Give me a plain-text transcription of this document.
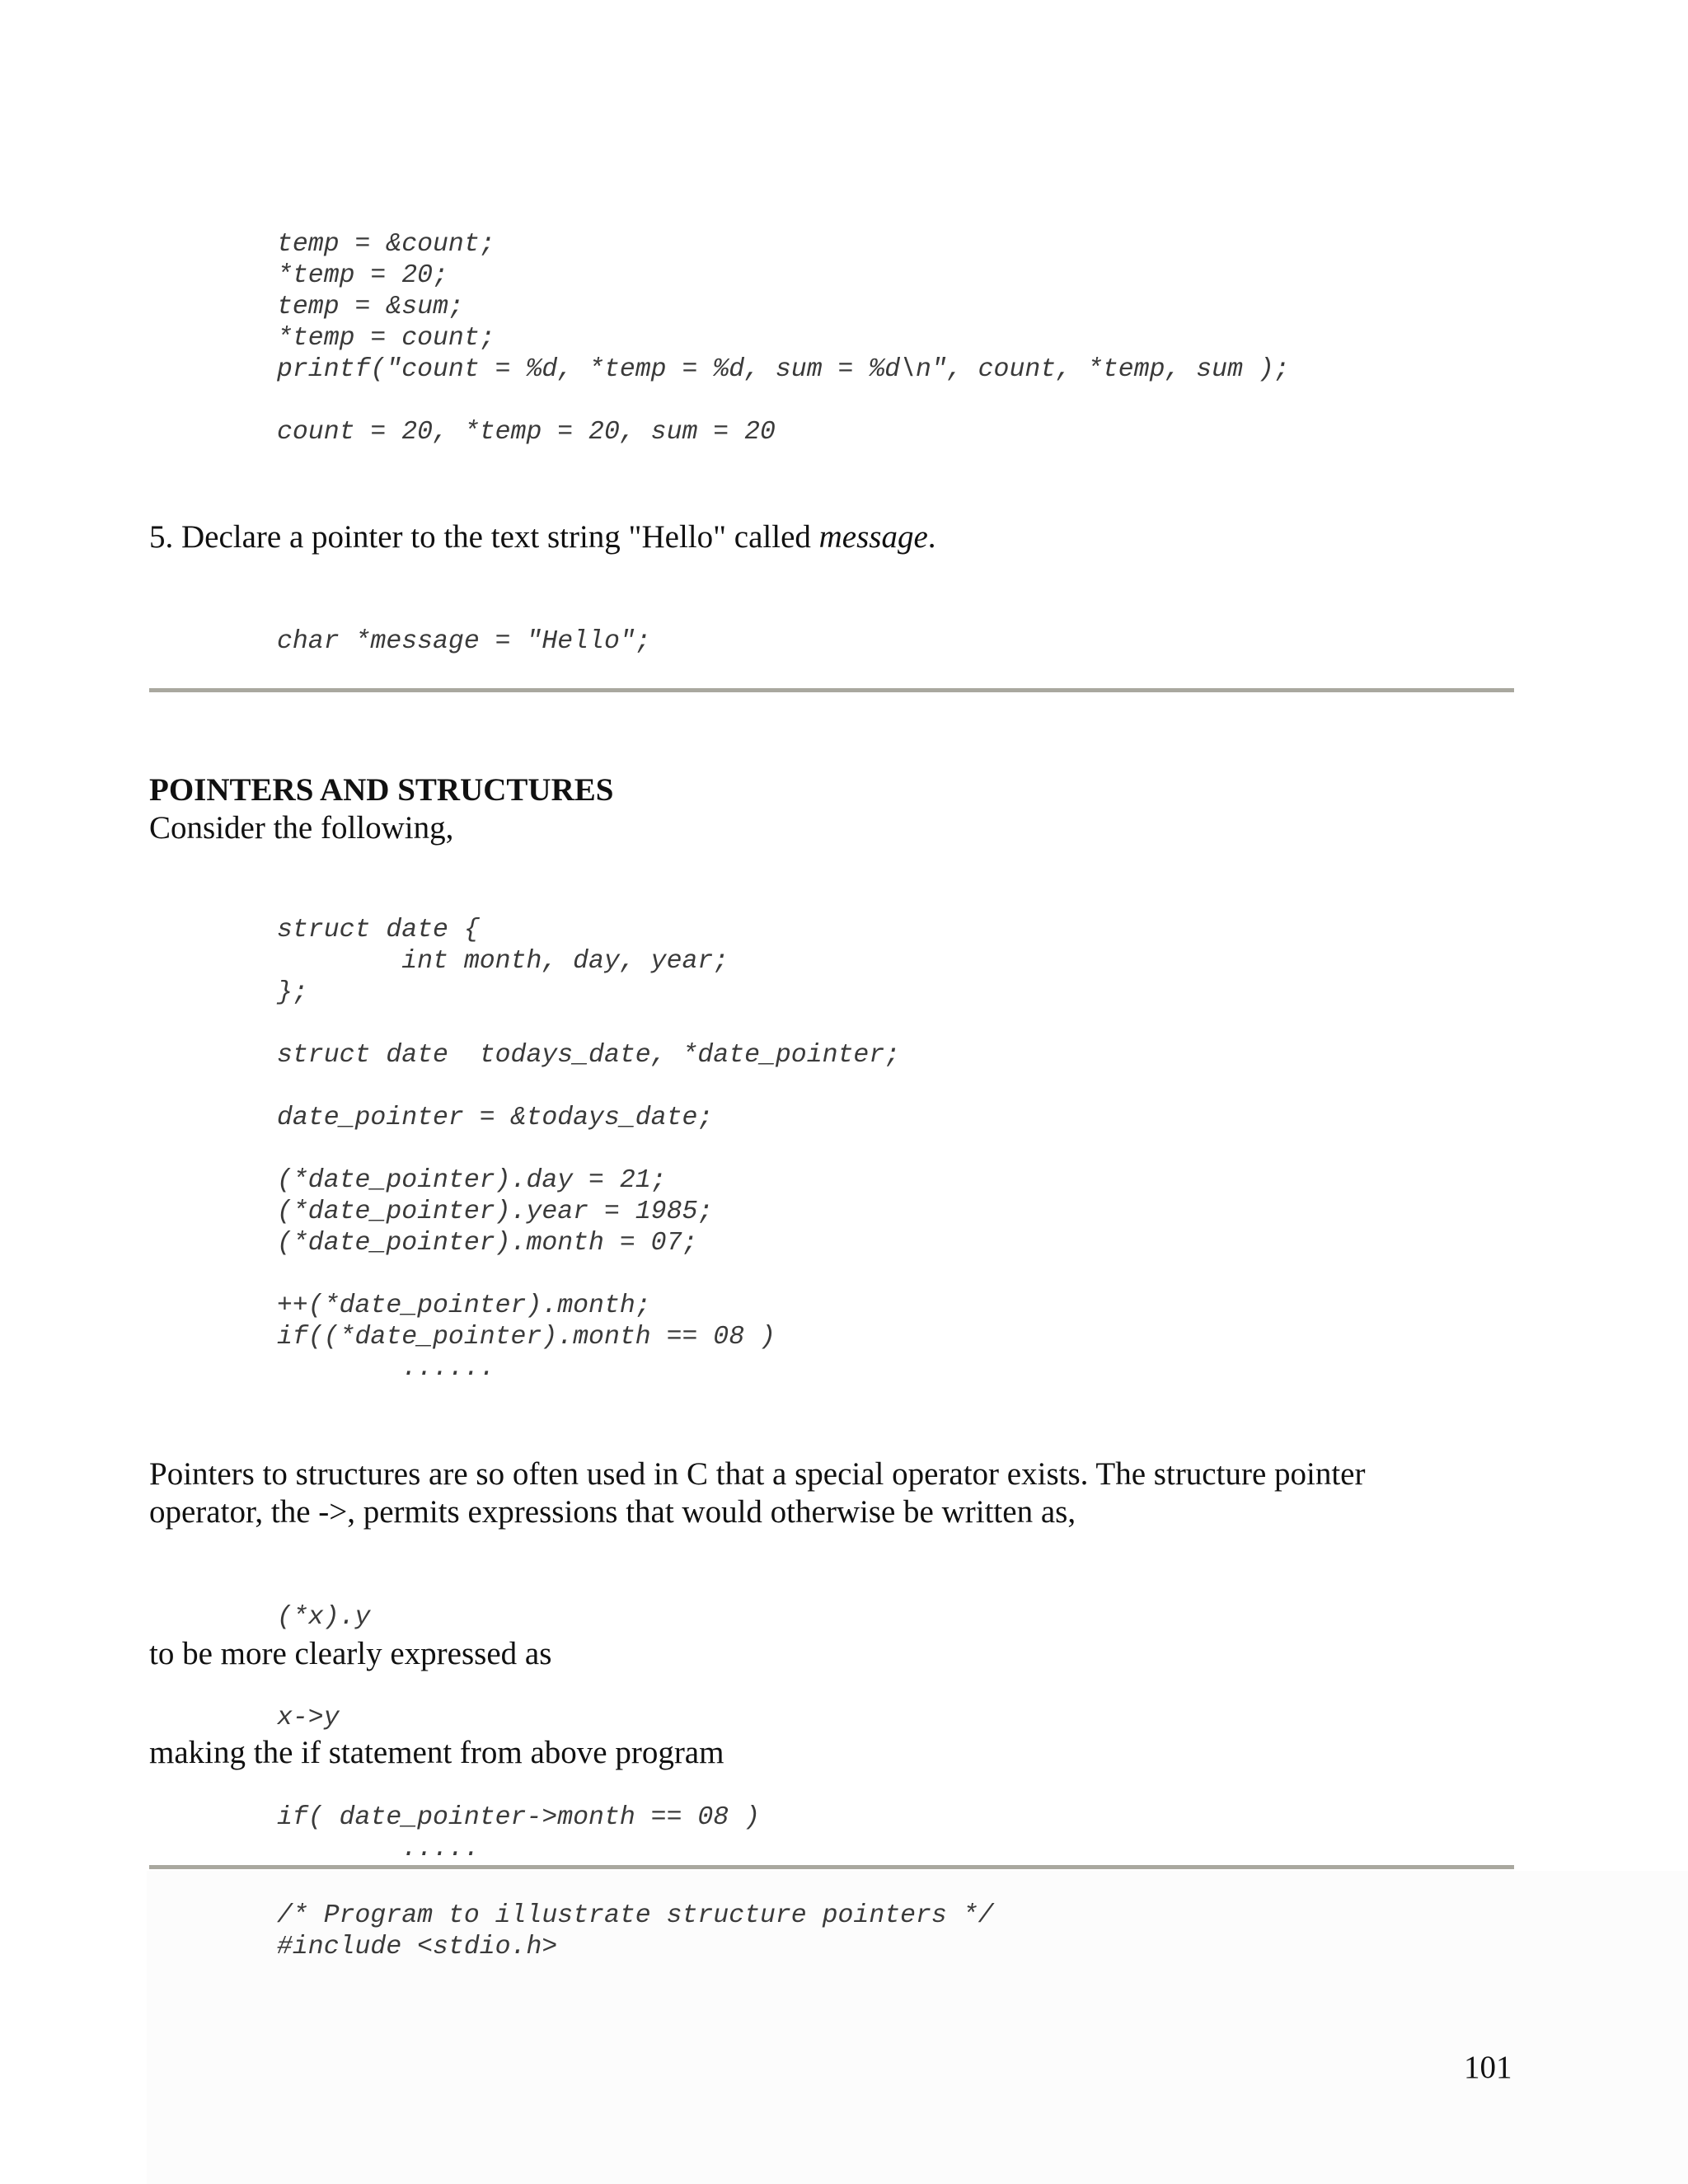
temp = &count;
*temp = 20;
temp = &sum;
*temp = count;
printf("count = %d, *temp = %d, sum = %d\n", count, *temp, sum );
count = 20, *temp = 20, sum = 20
5. Declare a pointer to the text string "Hello" called message.
char *message = "Hello";
POINTERS AND STRUCTURES
Consider the following,
struct date {
int month, day, year;
};
struct date  todays_date, *date_pointer;
date_pointer = &todays_date;
(*date_pointer).day = 21;
(*date_pointer).year = 1985;
(*date_pointer).month = 07;
++(*date_pointer).month;
if((*date_pointer).month == 08 )
......
Pointers to structures are so often used in C that a special operator exists. The structure pointer
operator, the ->, permits expressions that would otherwise be written as,
(*x).y
to be more clearly expressed as
x->y
making the if statement from above program
if( date_pointer->month == 08 )
.....
/* Program to illustrate structure pointers */
#include <stdio.h>
101
